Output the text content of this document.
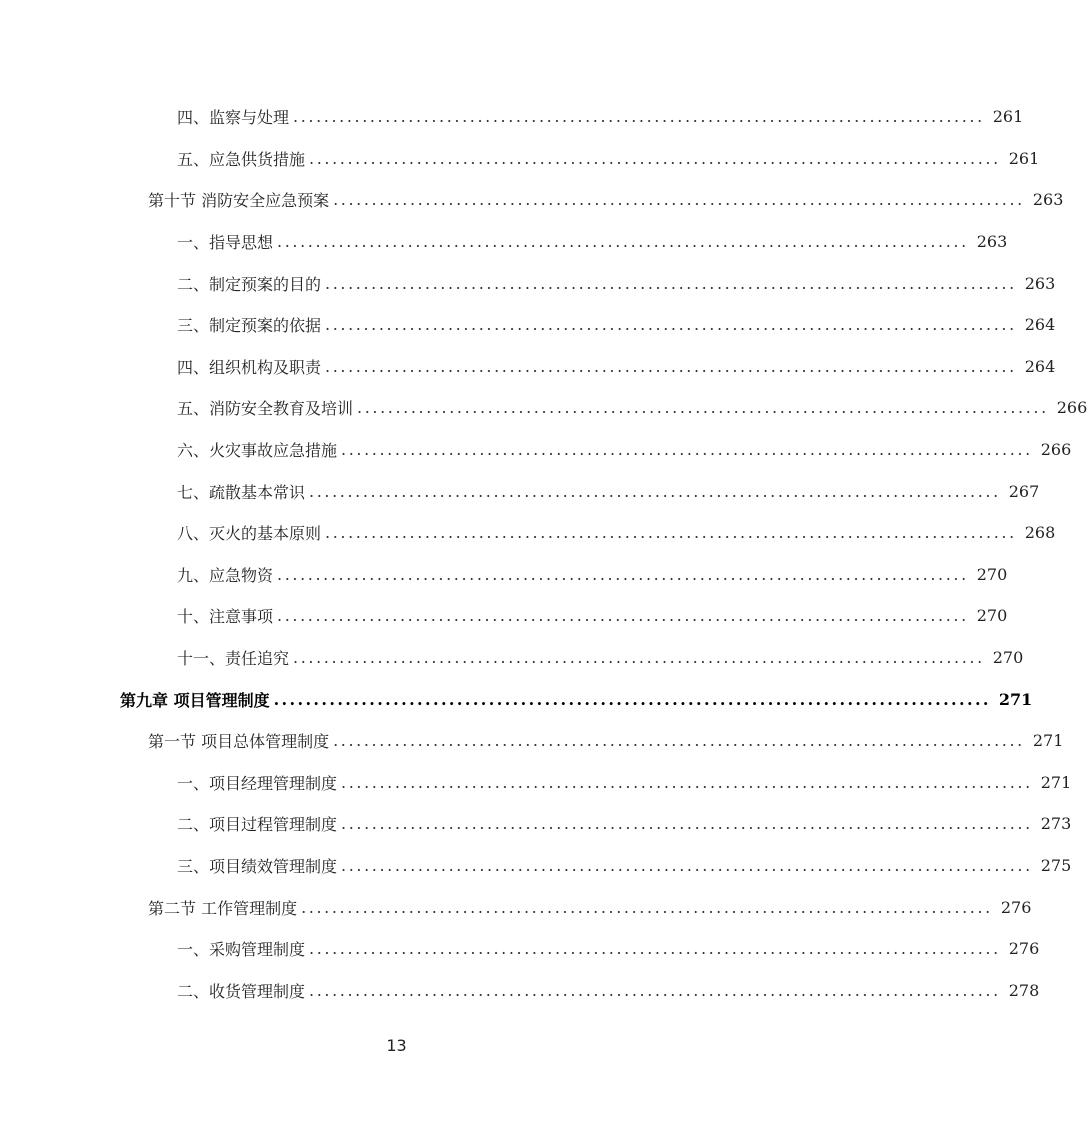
四、监察与处理 .......................................................................................... 261
五、应急供货措施 .......................................................................................... 261
第十节 消防安全应急预案 .......................................................................................... 263
一、指导思想 .......................................................................................... 263
二、制定预案的目的 .......................................................................................... 263
三、制定预案的依据 .......................................................................................... 264
四、组织机构及职责 .......................................................................................... 264
五、消防安全教育及培训 .......................................................................................... 266
六、火灾事故应急措施 .......................................................................................... 266
七、疏散基本常识 .......................................................................................... 267
八、灭火的基本原则 .......................................................................................... 268
九、应急物资 .......................................................................................... 270
十、注意事项 .......................................................................................... 270
十一、责任追究 .......................................................................................... 270
第九章 项目管理制度 .......................................................................................... 271
第一节 项目总体管理制度 .......................................................................................... 271
一、项目经理管理制度 .......................................................................................... 271
二、项目过程管理制度 .......................................................................................... 273
三、项目绩效管理制度 .......................................................................................... 275
第二节 工作管理制度 .......................................................................................... 276
一、采购管理制度 .......................................................................................... 276
二、收货管理制度 .......................................................................................... 278
13
